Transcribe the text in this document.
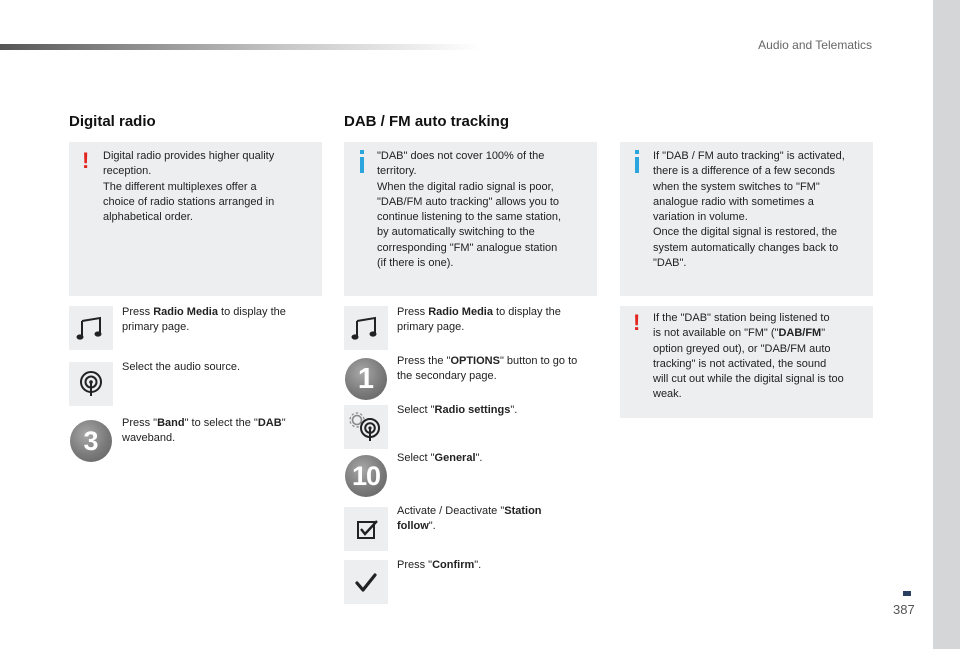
Audio and Telematics
387
Digital radio
! Digital radio provides higher quality
reception.
The different multiplexes offer a
choice of radio stations arranged in
alphabetical order.
Press Radio Media to display the
primary page.
Select the audio source.
3
Press "Band" to select the "DAB"
waveband.
DAB / FM auto tracking
"DAB" does not cover 100% of the
territory.
When the digital radio signal is poor,
"DAB/FM auto tracking" allows you to
continue listening to the same station,
by automatically switching to the
corresponding "FM" analogue station
(if there is one).
If "DAB / FM auto tracking" is activated,
there is a difference of a few seconds
when the system switches to "FM"
analogue radio with sometimes a
variation in volume.
Once the digital signal is restored, the
system automatically changes back to
"DAB".
! If the "DAB" station being listened to
is not available on "FM" ("DAB/FM"
option greyed out), or "DAB/FM auto
tracking" is not activated, the sound
will cut out while the digital signal is too
weak.
Press Radio Media to display the
primary page.
1
Press the "OPTIONS" button to go to
the secondary page.
Select "Radio settings".
10
Select "General".
Activate / Deactivate "Station
follow".
Press "Confirm".
